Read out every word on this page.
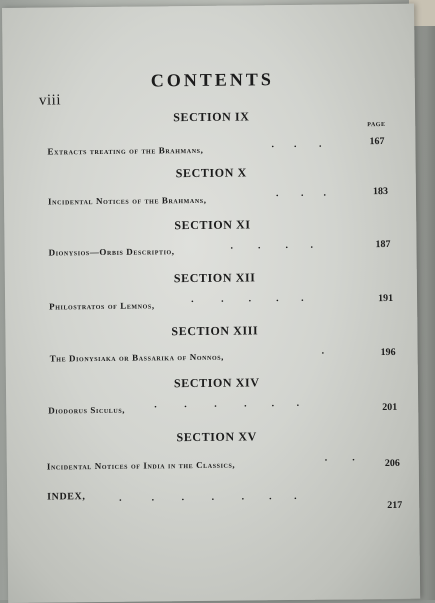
viii
CONTENTS
PAGE
SECTION IX
Extracts treating of the Brahmans,
.        .         .	167
SECTION X
Incidental Notices of the Brahmans,
.         .        .	183
SECTION XI
Dionysios—Orbis Descriptio,
.          .          .         .	187
SECTION XII
Philostratos of Lemnos,
.           .          .          .         .	191
SECTION XIII
The Dionysiaka or Bassarika of Nonnos,
.	196
SECTION XIV
Diodorus Siculus,	.           .           .           .          .         .	201
SECTION XV
Incidental Notices of India in the Classics,
.          .	206
INDEX,	.            .           .           .           .          .         .
217
